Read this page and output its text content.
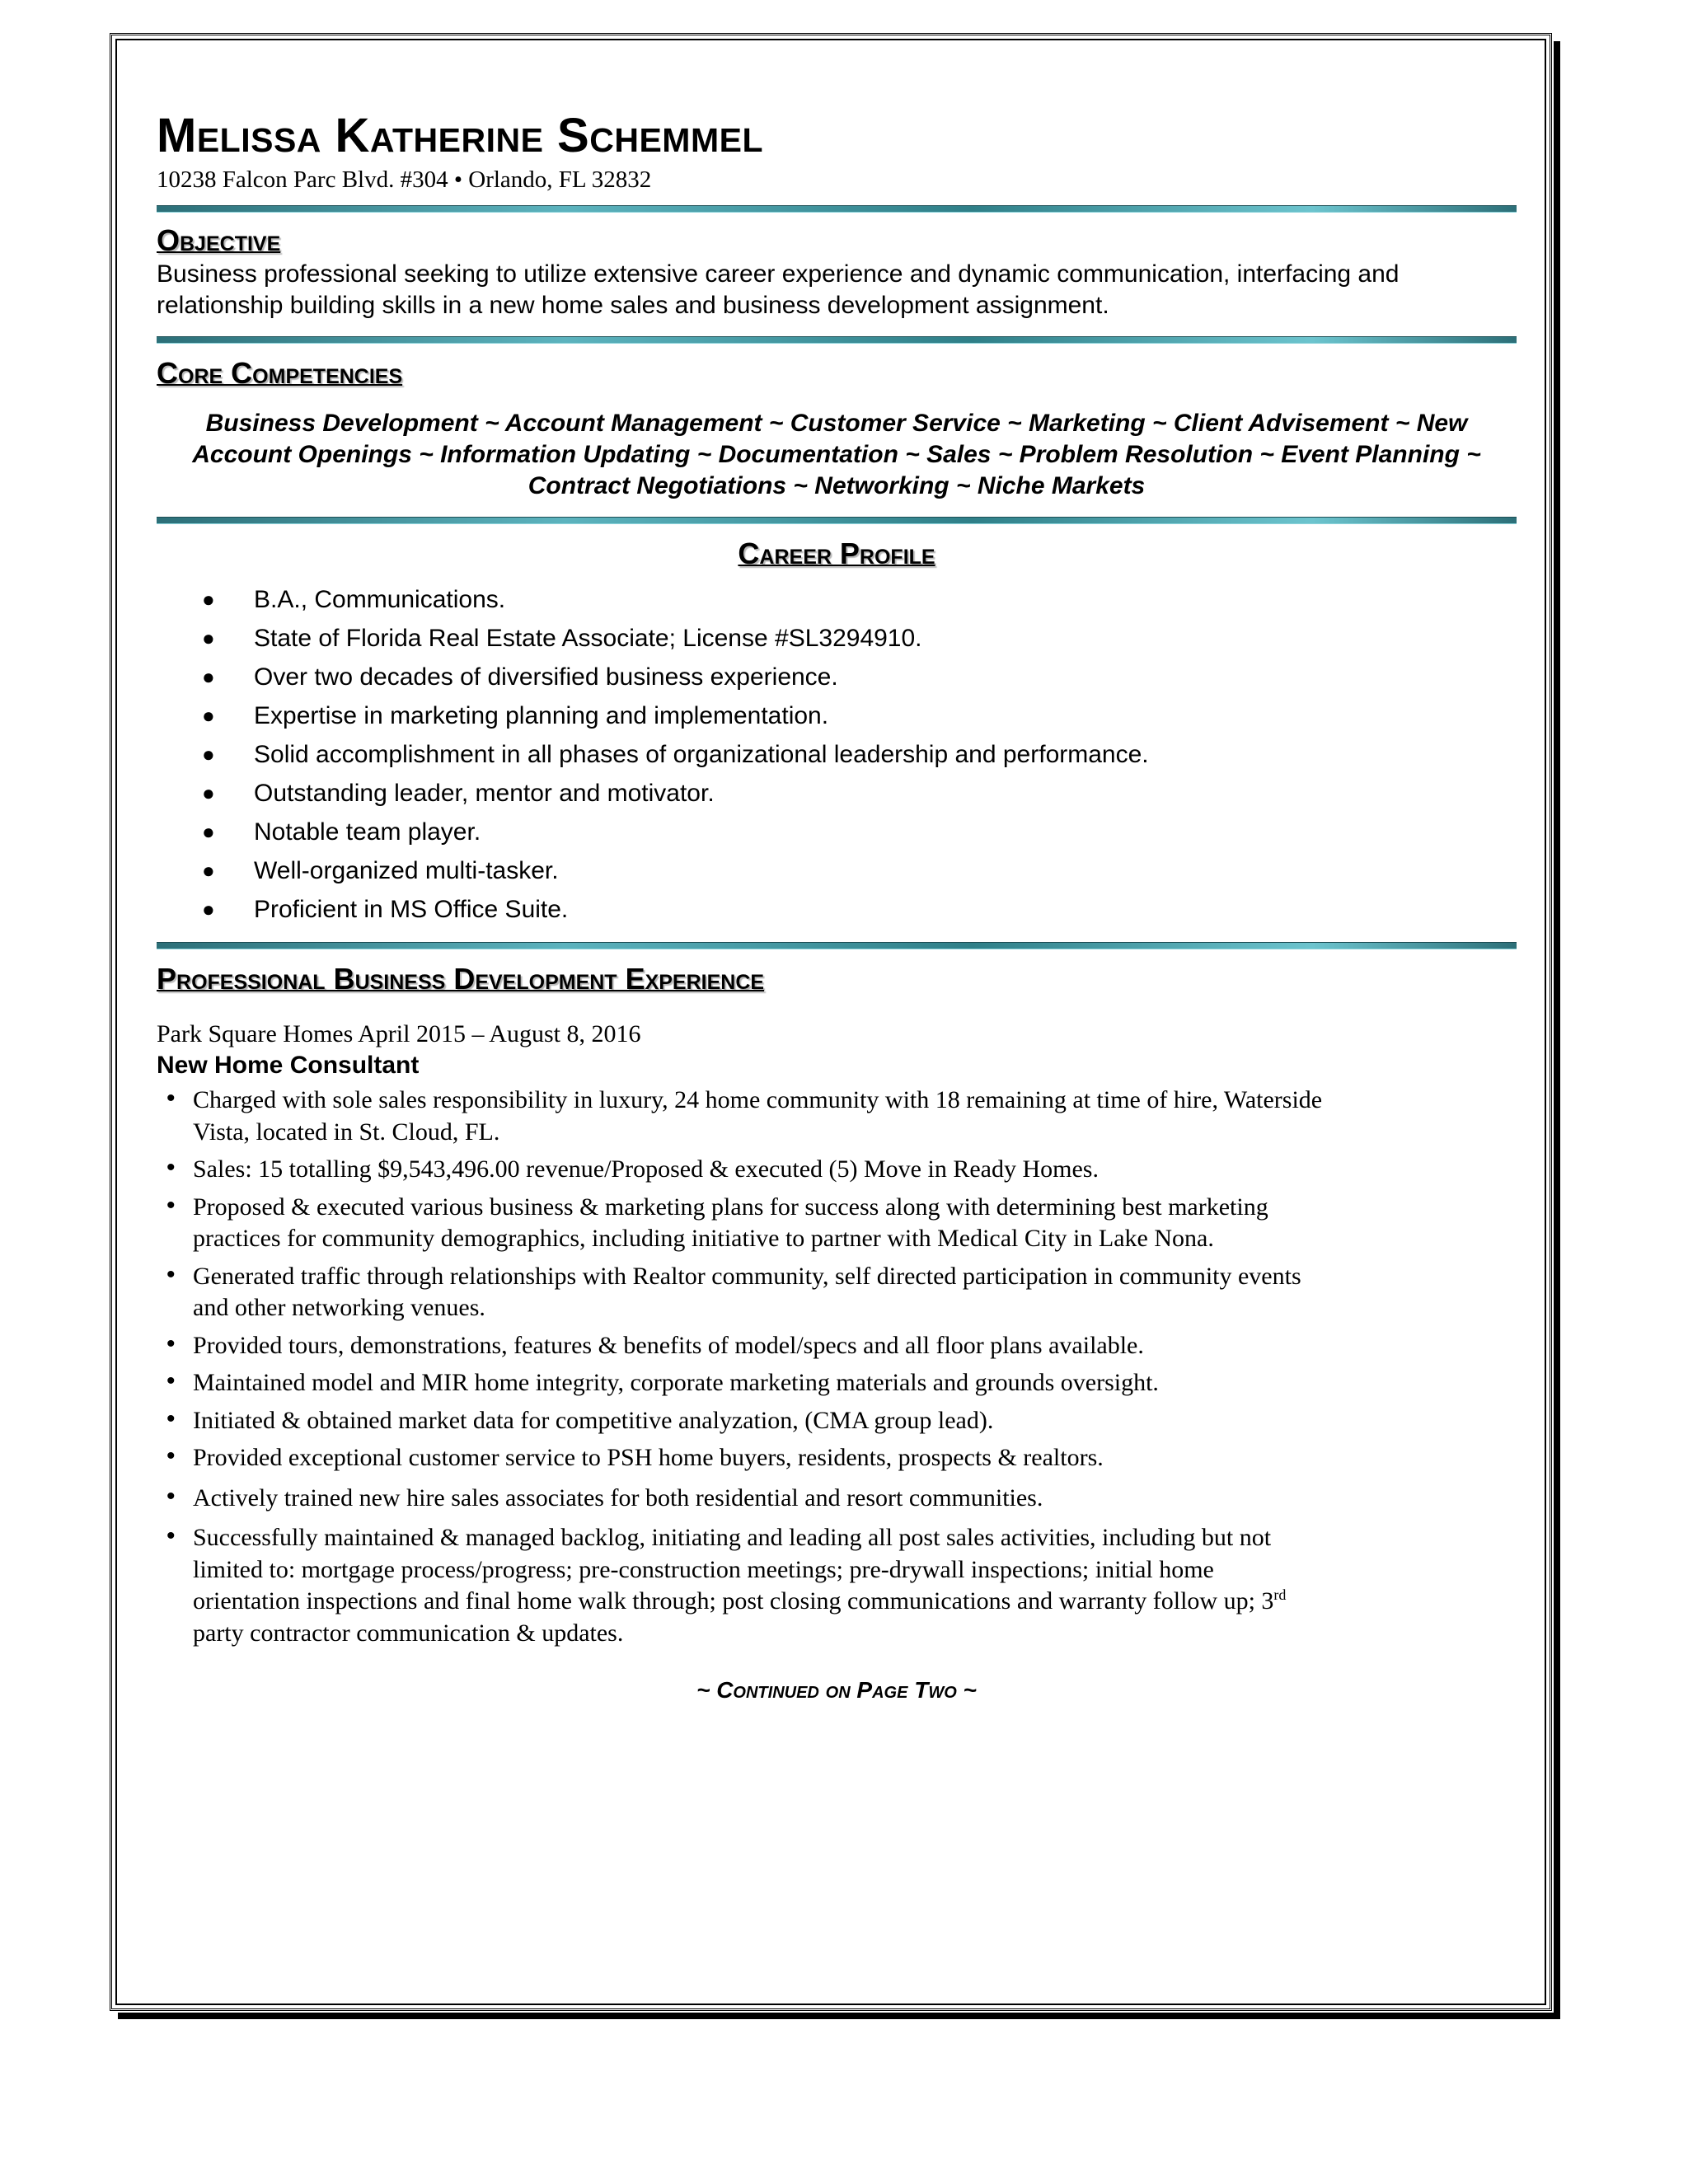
Melissa Katherine Schemmel

10238 Falcon Parc Blvd. #304 • Orlando, FL 32832

Objective

Business professional seeking to utilize extensive career experience and dynamic communication, interfacing and relationship building skills in a new home sales and business development assignment.

Core Competencies

Business Development ~ Account Management ~ Customer Service ~ Marketing ~ Client Advisement ~ New Account Openings ~ Information Updating ~ Documentation ~ Sales ~ Problem Resolution ~ Event Planning ~ Contract Negotiations ~ Networking ~ Niche Markets

Career Profile
● B.A., Communications.
● State of Florida Real Estate Associate; License #SL3294910.
● Over two decades of diversified business experience.
● Expertise in marketing planning and implementation.
● Solid accomplishment in all phases of organizational leadership and performance.
● Outstanding leader, mentor and motivator.
● Notable team player.
● Well-organized multi-tasker.
● Proficient in MS Office Suite.
Professional Business Development Experience

Park Square Homes April 2015 – August 8, 2016

New Home Consultant

• Charged with sole sales responsibility in luxury, 24 home community with 18 remaining at time of hire, Waterside Vista, located in St. Cloud, FL.
• Sales: 15 totalling $9,543,496.00 revenue/Proposed & executed (5) Move in Ready Homes.
• Proposed & executed various business & marketing plans for success along with determining best marketing practices for community demographics, including initiative to partner with Medical City in Lake Nona.
• Generated traffic through relationships with Realtor community, self directed participation in community events and other networking venues.
• Provided tours, demonstrations, features & benefits of model/specs and all floor plans available.
• Maintained model and MIR home integrity, corporate marketing materials and grounds oversight.
• Initiated & obtained market data for competitive analyzation, (CMA group lead).
• Provided exceptional customer service to PSH home buyers, residents, prospects & realtors.
• Actively trained new hire sales associates for both residential and resort communities.
• Successfully maintained & managed backlog, initiating and leading all post sales activities, including but not limited to: mortgage process/progress; pre-construction meetings; pre-drywall inspections; initial home orientation inspections and final home walk through; post closing communications and warranty follow up; 3rd party contractor communication & updates.

~ Continued on Page Two ~
